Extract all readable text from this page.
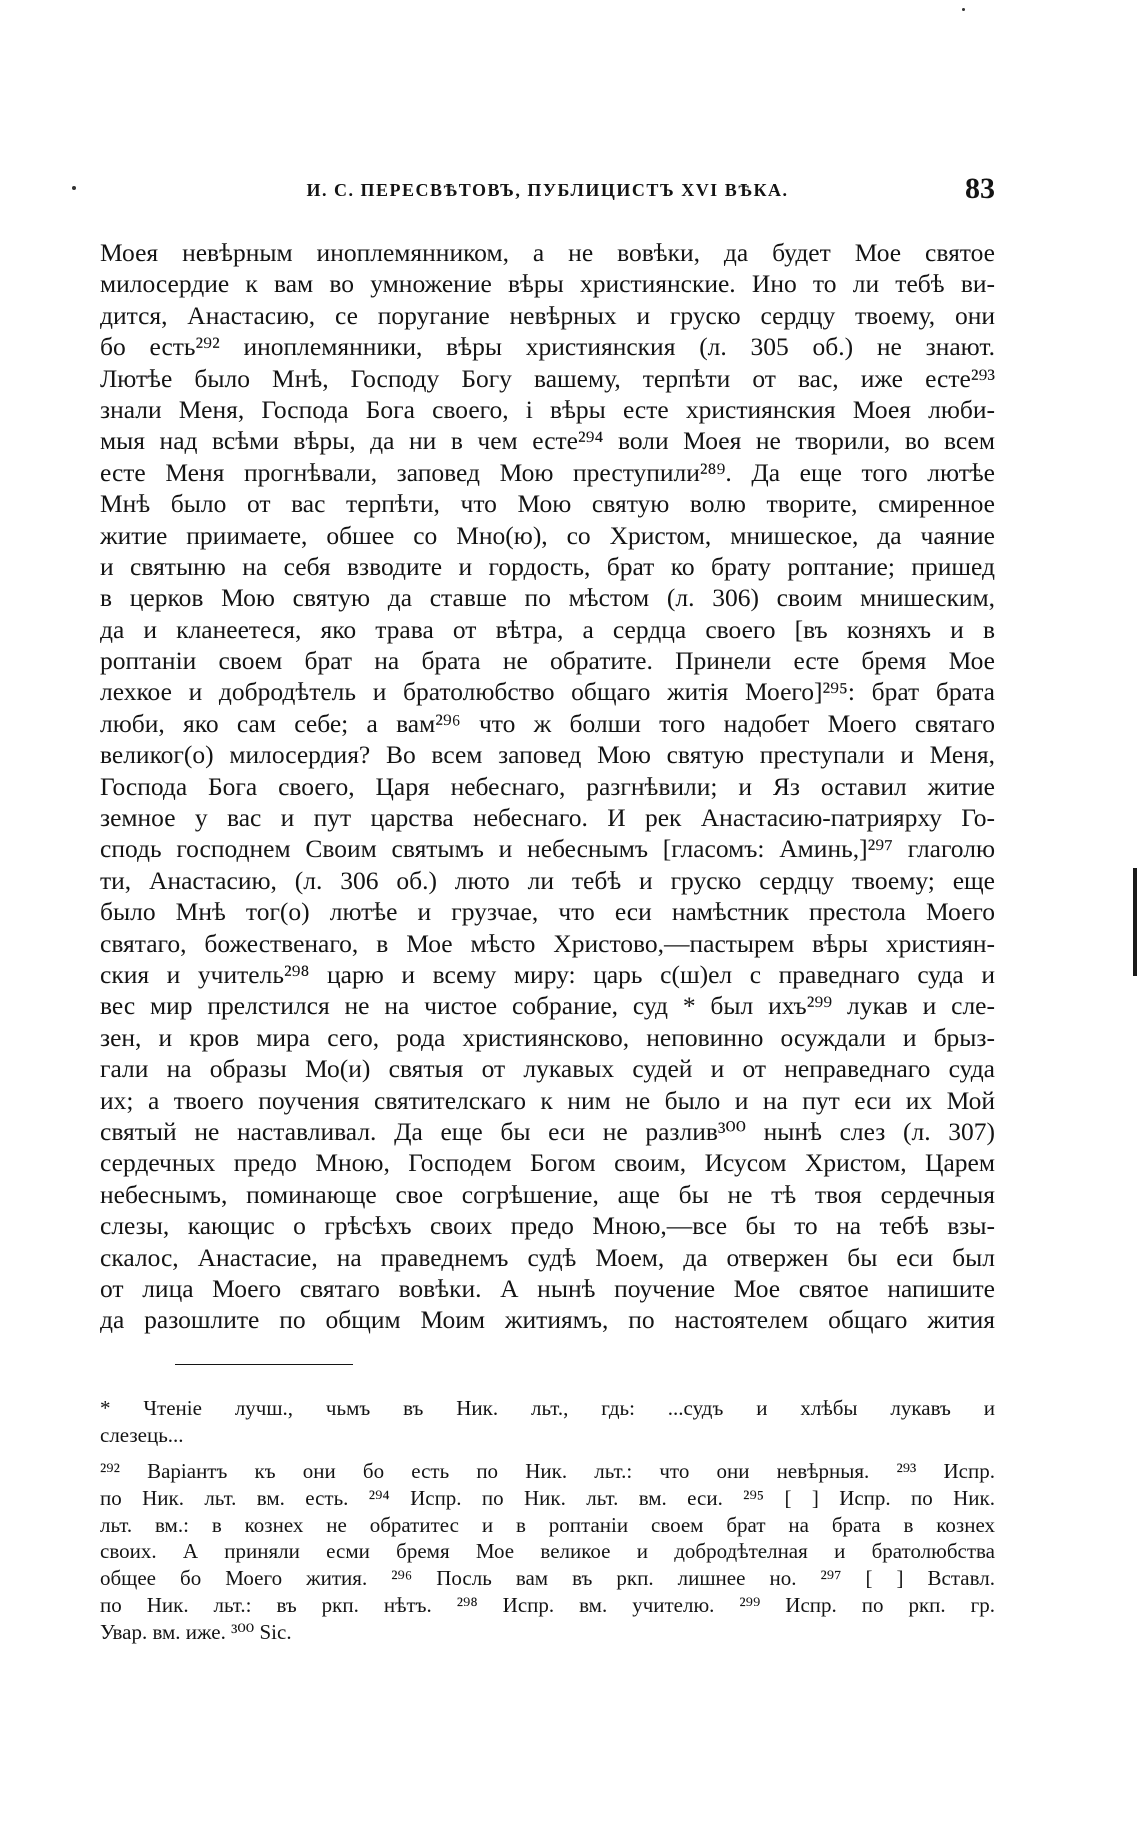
И. С. ПЕРЕСВѢТОВЪ, ПУБЛИЦИСТЪ XVI ВѢКА.	83
Моея невѣрным иноплемянником, а не вовѣки, да будет Мое святое
милосердие к вам во умножение вѣры християнские. Ино то ли тебѣ ви-
дится, Анастасию, се поругание невѣрных и груско сердцу твоему, они
бо есть²⁹² иноплемянники, вѣры християнския (л. 305 об.) не знают.
Лютѣе было Мнѣ, Господу Богу вашему, терпѣти от вас, иже есте²⁹³
знали Меня, Господа Бога своего, і вѣры есте християнския Моея люби-
мыя над всѣми вѣры, да ни в чем есте²⁹⁴ воли Моея не творили, во всем
есте Меня прогнѣвали, заповед Мою преступили²⁸⁹. Да еще того лютѣе
Мнѣ было от вас терпѣти, что Мою святую волю творите, смиренное
житие приимаете, обшее со Мно(ю), со Христом, мнишеское, да чаяние
и святыню на себя взводите и гордость, брат ко брату роптание; пришед
в церков Мою святую да ставше по мѣстом (л. 306) своим мнишеским,
да и кланеетеся, яко трава от вѣтра, а сердца своего [въ козняхъ и в
роптаніи своем брат на брата не обратите. Принели есте бремя Мое
лехкое и добродѣтель и братолюбство общаго житія Моего]²⁹⁵: брат брата
люби, яко сам себе; а вам²⁹⁶ что ж болши того надобет Моего святаго
великог(о) милосердия? Во всем заповед Мою святую преступали и Меня,
Господа Бога своего, Царя небеснаго, разгнѣвили; и Яз оставил житие
земное у вас и пут царства небеснаго. И рек Анастасию-патриярху Го-
сподь господнем Своим святымъ и небеснымъ [гласомъ: Аминь,]²⁹⁷ глаголю
ти, Анастасию, (л. 306 об.) люто ли тебѣ и груско сердцу твоему; еще
было Мнѣ тог(о) лютѣе и грузчае, что еси намѣстник престола Моего
святаго, божественаго, в Мое мѣсто Христово,—пастырем вѣры християн-
ския и учитель²⁹⁸ царю и всему миру: царь с(ш)ел с праведнаго суда и
вес мир прелстился не на чистое собрание, суд * был ихъ²⁹⁹ лукав и сле-
зен, и кров мира сего, рода християнсково, неповинно осуждали и брыз-
гали на образы Мо(и) святыя от лукавых судей и от неправеднаго суда
их; а твоего поучения святителскаго к ним не было и на пут еси их Мой
святый не наставливал. Да еще бы еси не разлив³⁰⁰ нынѣ слез (л. 307)
сердечных предо Мною, Господем Богом своим, Исусом Христом, Царем
небеснымъ, поминающе свое согрѣшение, аще бы не тѣ твоя сердечныя
слезы, кающис о грѣсѣхъ своих предо Мною,—все бы то на тебѣ взы-
скалос, Анастасие, на праведнемъ судѣ Моем, да отвержен бы еси был
от лица Моего святаго вовѣки. А нынѣ поучение Мое святое напишите
да разошлите по общим Моим житиямъ, по настоятелем общаго жития
* Чтеніе лучш., чьмъ въ Ник. льт., гдь: ...судъ и хлѣбы лукавъ и
слезець...
²⁹² Варіантъ къ они бо есть по Ник. льт.: что они невѣрныя. ²⁹³ Испр.
по Ник. льт. вм. есть. ²⁹⁴ Испр. по Ник. льт. вм. еси. ²⁹⁵ [ ] Испр. по Ник.
льт. вм.: в кознех не обратитес и в роптаніи своем брат на брата в кознех
своих. А приняли есми бремя Мое великое и добродѣтелная и братолюбства
общее бо Моего жития. ²⁹⁶ Посль вам въ ркп. лишнее но. ²⁹⁷ [ ] Вставл.
по Ник. льт.: въ ркп. нѣтъ. ²⁹⁸ Испр. вм. учителю. ²⁹⁹ Испр. по ркп. гр.
Увар. вм. иже. ³⁰⁰ Sic.
